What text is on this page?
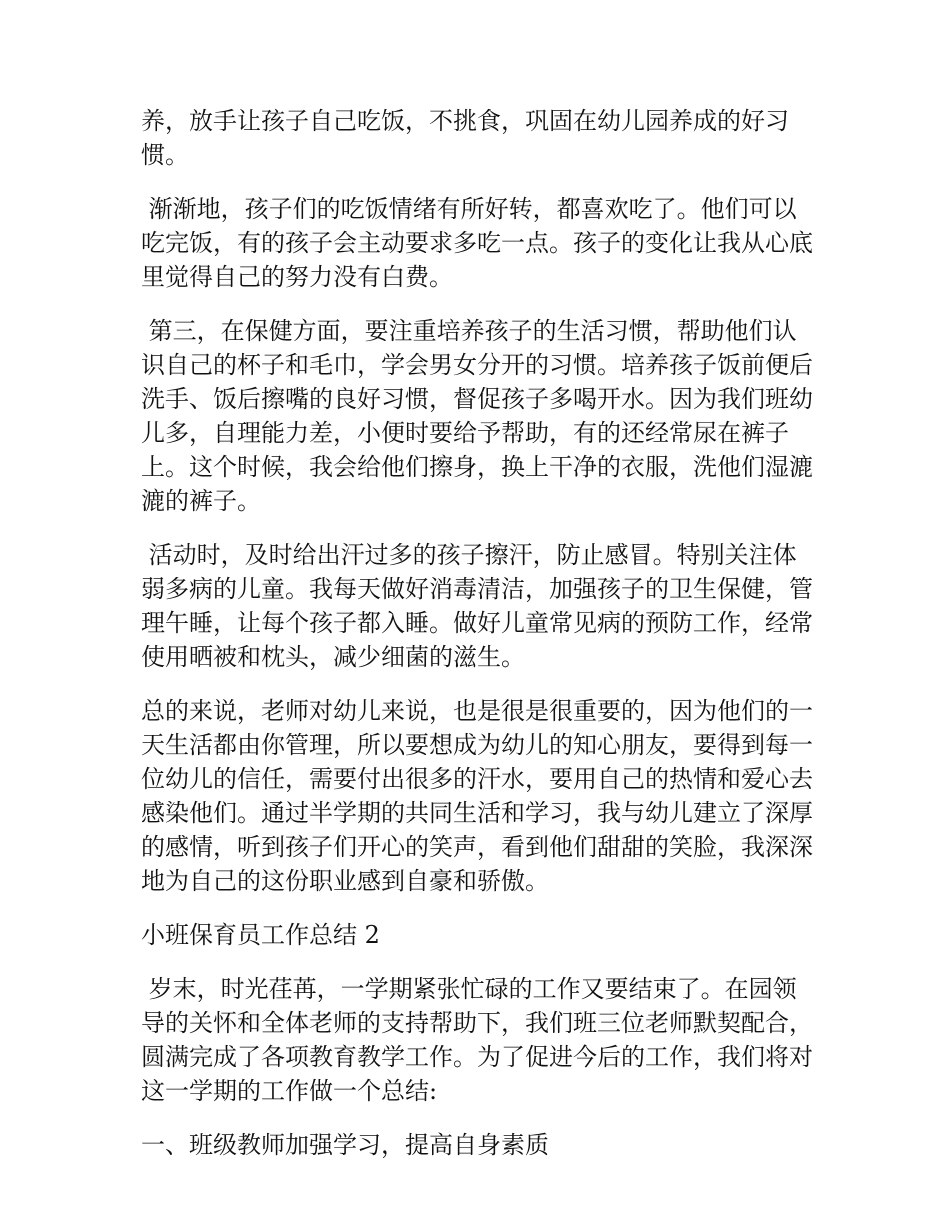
养，放手让孩子自己吃饭，不挑食，巩固在幼儿园养成的好习惯。

渐渐地，孩子们的吃饭情绪有所好转，都喜欢吃了。他们可以吃完饭，有的孩子会主动要求多吃一点。孩子的变化让我从心底里觉得自己的努力没有白费。

第三，在保健方面，要注重培养孩子的生活习惯，帮助他们认识自己的杯子和毛巾，学会男女分开的习惯。培养孩子饭前便后洗手、饭后擦嘴的良好习惯，督促孩子多喝开水。因为我们班幼儿多，自理能力差，小便时要给予帮助，有的还经常尿在裤子上。这个时候，我会给他们擦身，换上干净的衣服，洗他们湿漉漉的裤子。

活动时，及时给出汗过多的孩子擦汗，防止感冒。特别关注体弱多病的儿童。我每天做好消毒清洁，加强孩子的卫生保健，管理午睡，让每个孩子都入睡。做好儿童常见病的预防工作，经常使用晒被和枕头，减少细菌的滋生。

总的来说，老师对幼儿来说，也是很是很重要的，因为他们的一天生活都由你管理，所以要想成为幼儿的知心朋友，要得到每一位幼儿的信任，需要付出很多的汗水，要用自己的热情和爱心去感染他们。通过半学期的共同生活和学习，我与幼儿建立了深厚的感情，听到孩子们开心的笑声，看到他们甜甜的笑脸，我深深地为自己的这份职业感到自豪和骄傲。

小班保育员工作总结 2

岁末，时光荏苒，一学期紧张忙碌的工作又要结束了。在园领导的关怀和全体老师的支持帮助下，我们班三位老师默契配合，圆满完成了各项教育教学工作。为了促进今后的工作，我们将对这一学期的工作做一个总结:

一、班级教师加强学习，提高自身素质
